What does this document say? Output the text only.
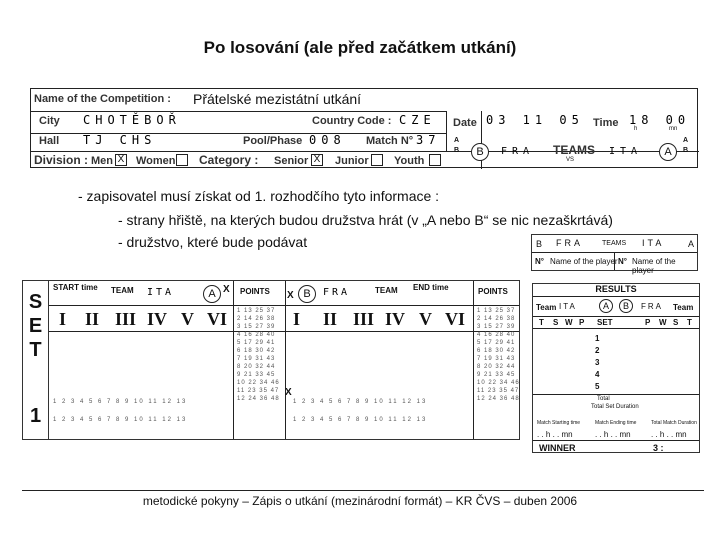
Po losování (ale před začátkem utkání)
Name of the Competition : Přátelské mezistátní utkání
City CHOTĚBOŘ	Country Code : CZE
Hall TJ CHS	Pool/Phase 008 Match N° 37
Date 03 11 05 Time 18 00
h	mn
Division : Men X Women Category : Senior X Junior Youth
A
B	B	FRA TEAMS
VS
ITA	A
A
B
- zapisovatel musí získat od 1. rozhodčího tyto informace :
- strany hřiště, na kterých budou družstva hrát (v „A nebo B“ se nic nezaškrtává)
- družstvo, které bude podávat	B FRA	TEAMS ITA	A
N° Name of the player N° Name of the player
S
E
T
1
START time TEAM ITA	A X POINTS X B	FRA	TEAM END time	POINTS
I II III IV V VI	I II III IV V VI
X
1 2 3 4 5 6 7 8 9 10 11 12 13
1 2 3 4 5 6 7 8 9 10 11 12 13
1 2 3 4 5 6 7 8 9 10 11 12 13
1 2 3 4 5 6 7 8 9 10 11 12 13
1 13 25 37
2 14 26 38
3 15 27 39
4 16 28 40
5 17 29 41
6 18 30 42
7 19 31 43
8 20 32 44
9 21 33 45
10 22 34 46
11 23 35 47
12 24 36 48
1 13 25 37
2 14 26 38
3 15 27 39
4 16 28 40
5 17 29 41
6 18 30 42
7 19 31 43
8 20 32 44
9 21 33 45
10 22 34 46
11 23 35 47
12 24 36 48
RESULTS
Team ITA	A	B	FRA Team
T S W P SET	P W S T
1
2
3
4
5
Total
Total Set Duration
Match Starting time	Match Ending time	Total Match Duration
. . h . . mn	. . h . . mn	. . h . . mn
WINNER	3 :
metodické pokyny – Zápis o utkání (mezinárodní formát) – KR ČVS – duben 2006
